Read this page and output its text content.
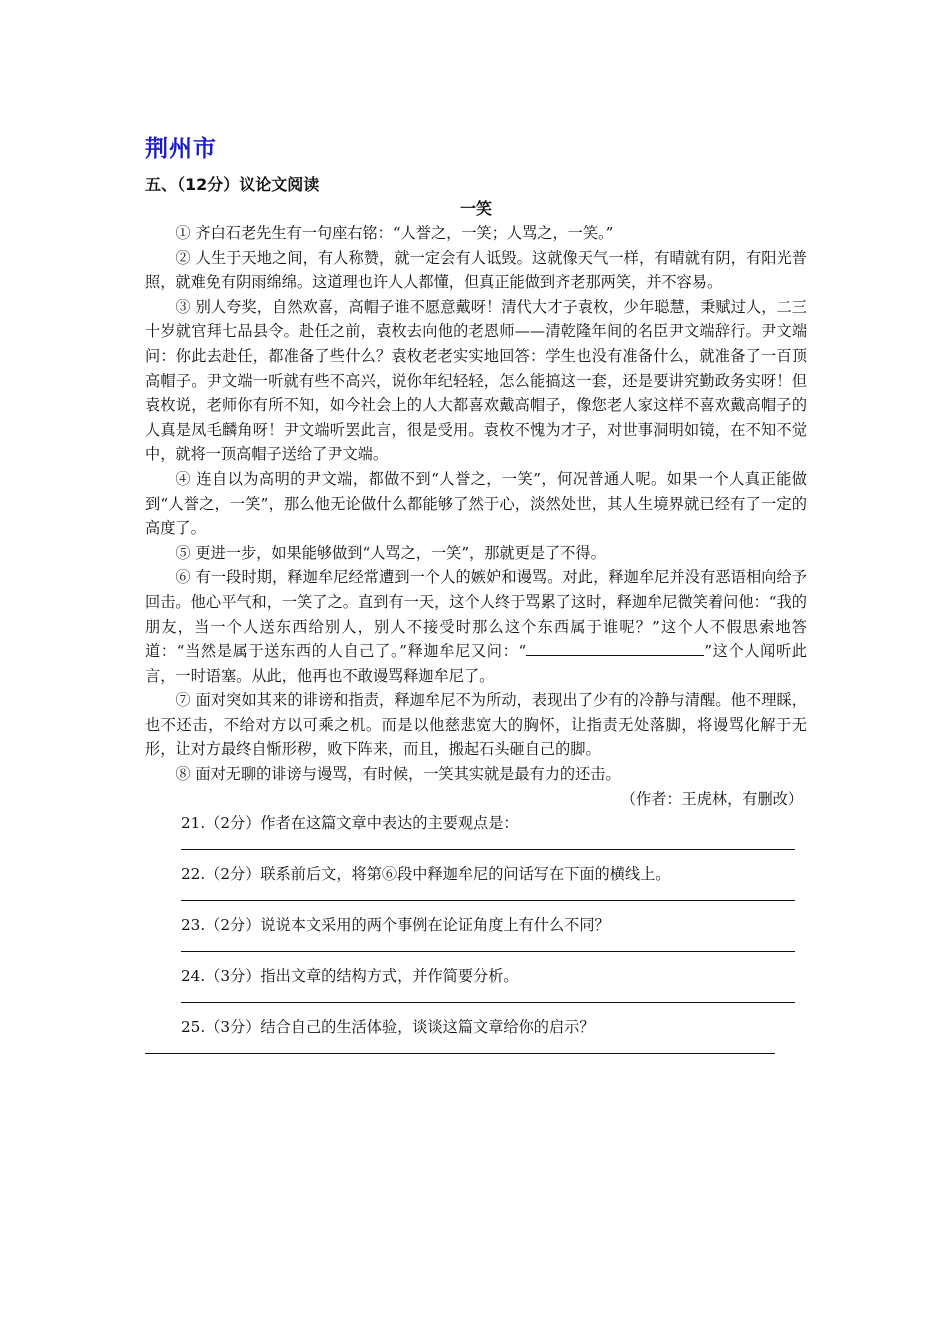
荆州市
五、（12分）议论文阅读
一笑

① 齐白石老先生有一句座右铭：“人誉之，一笑；人骂之，一笑。”

② 人生于天地之间，有人称赞，就一定会有人诋毁。这就像天气一样，有晴就有阴，有阳光普照，就难免有阴雨绵绵。这道理也许人人都懂，但真正能做到齐老那两笑，并不容易。

③ 别人夸奖，自然欢喜，高帽子谁不愿意戴呀！清代大才子袁枚，少年聪慧，秉赋过人，二三十岁就官拜七品县令。赴任之前，袁枚去向他的老恩师——清乾隆年间的名臣尹文端辞行。尹文端问：你此去赴任，都准备了些什么？袁枚老老实实地回答：学生也没有准备什么，就准备了一百顶高帽子。尹文端一听就有些不高兴，说你年纪轻轻，怎么能搞这一套，还是要讲究勤政务实呀！但袁枚说，老师你有所不知，如今社会上的人大都喜欢戴高帽子，像您老人家这样不喜欢戴高帽子的人真是凤毛麟角呀！尹文端听罢此言，很是受用。袁枚不愧为才子，对世事洞明如镜，在不知不觉中，就将一顶高帽子送给了尹文端。

④ 连自以为高明的尹文端，都做不到“人誉之，一笑”，何况普通人呢。如果一个人真正能做到“人誉之，一笑”，那么他无论做什么都能够了然于心，淡然处世，其人生境界就已经有了一定的高度了。

⑤ 更进一步，如果能够做到“人骂之，一笑”，那就更是了不得。

⑥ 有一段时期，释迦牟尼经常遭到一个人的嫉妒和谩骂。对此，释迦牟尼并没有恶语相向给予回击。他心平气和，一笑了之。直到有一天，这个人终于骂累了这时，释迦牟尼微笑着问他：“我的朋友，当一个人送东西给别人，别人不接受时那么这个东西属于谁呢？”这个人不假思索地答道：“当然是属于送东西的人自己了。”释迦牟尼又问：“	”这个人闻听此言，一时语塞。从此，他再也不敢谩骂释迦牟尼了。

⑦ 面对突如其来的诽谤和指责，释迦牟尼不为所动，表现出了少有的冷静与清醒。他不理睬，也不还击，不给对方以可乘之机。而是以他慈悲宽大的胸怀，让指责无处落脚，将谩骂化解于无形，让对方最终自惭形秽，败下阵来，而且，搬起石头砸自己的脚。

⑧ 面对无聊的诽谤与谩骂，有时候，一笑其实就是最有力的还击。

（作者：王虎林，有删改）

21.（2分）作者在这篇文章中表达的主要观点是：

22.（2分）联系前后文，将第⑥段中释迦牟尼的问话写在下面的横线上。

23.（2分）说说本文采用的两个事例在论证角度上有什么不同？

24.（3分）指出文章的结构方式，并作简要分析。

25.（3分）结合自己的生活体验，谈谈这篇文章给你的启示？
